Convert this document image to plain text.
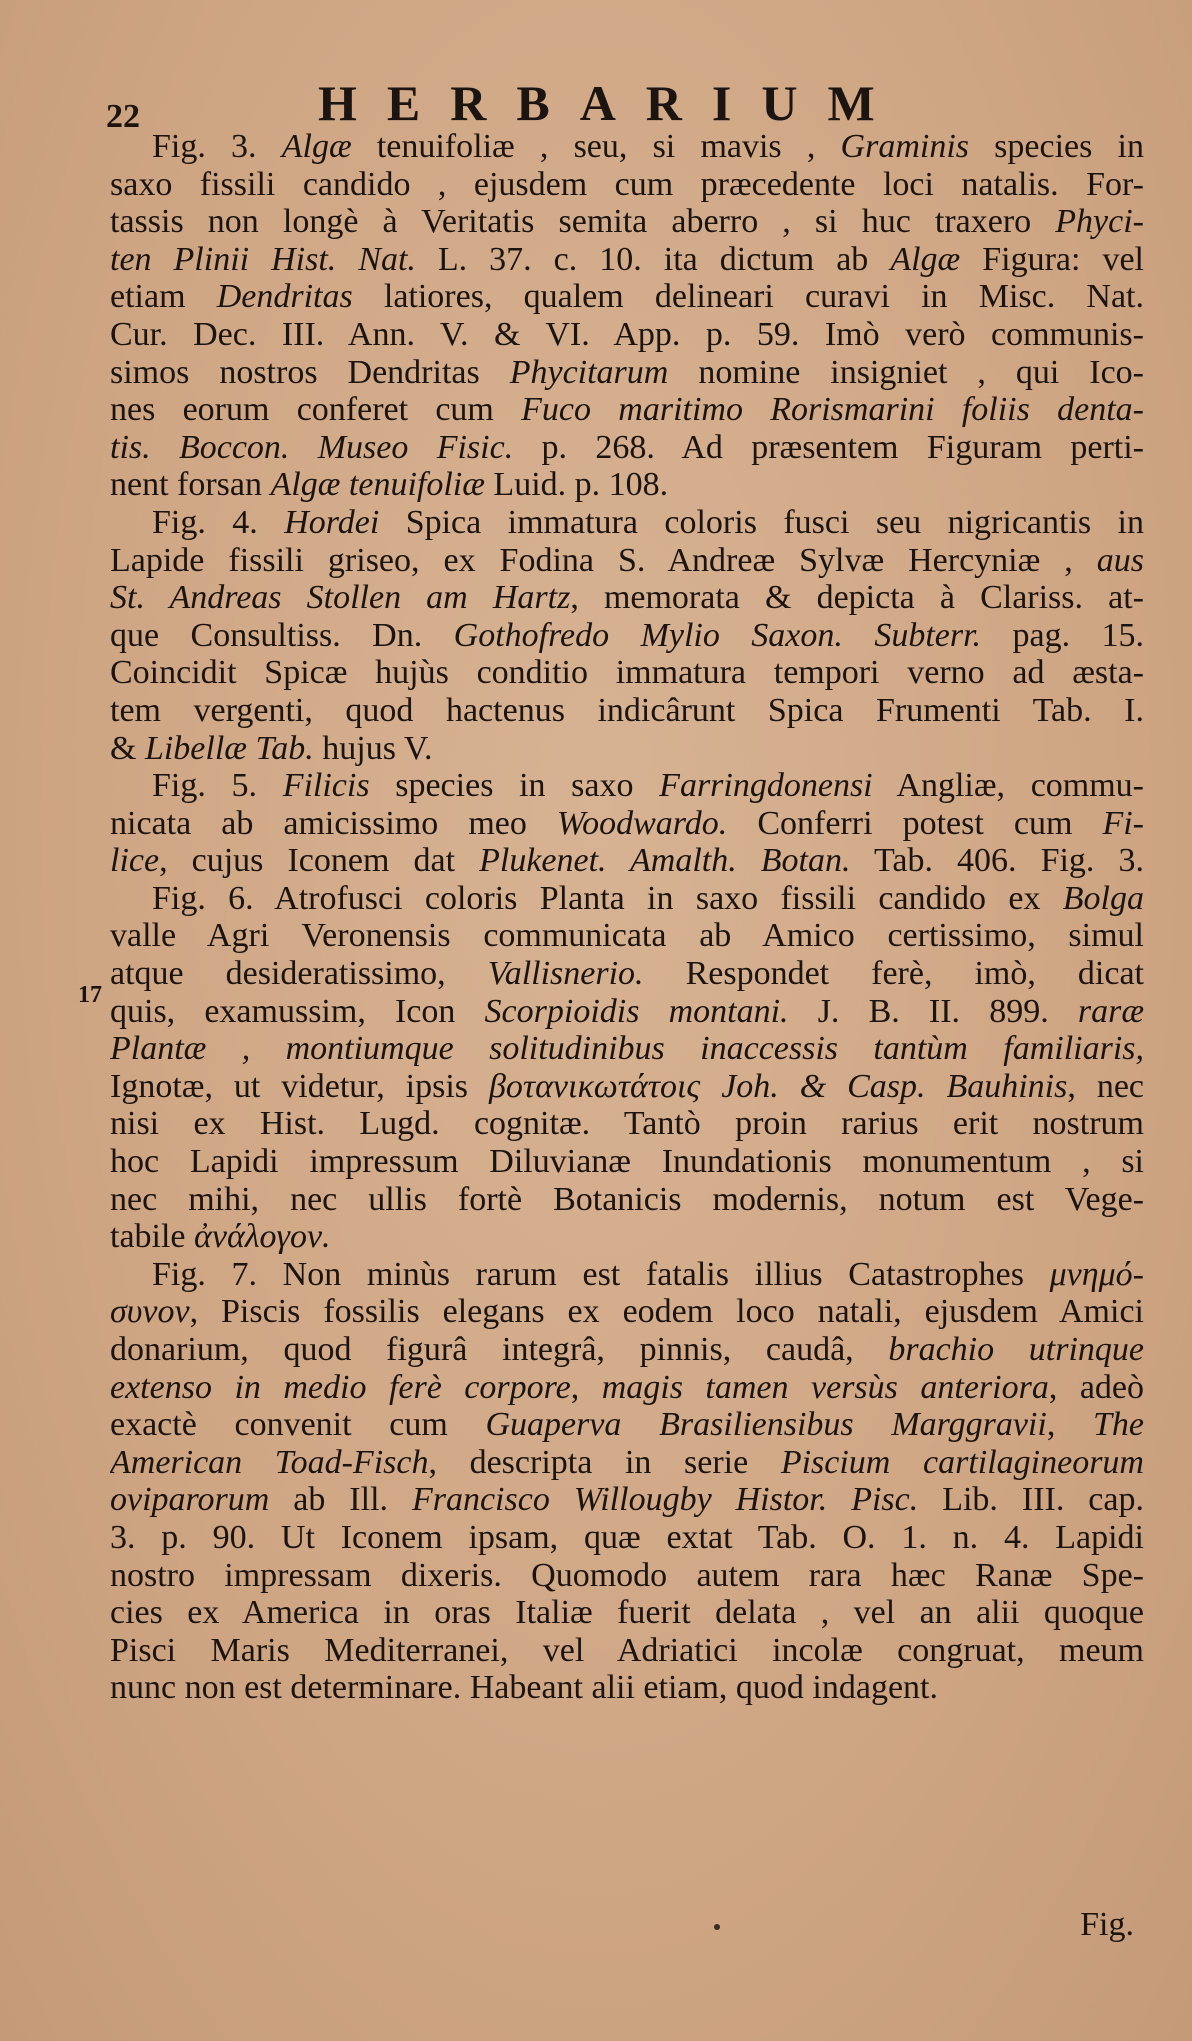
22	HERBARIUM
Fig. 3. Algæ tenuifoliæ , seu, si mavis , Graminis species in
saxo fissili candido , ejusdem cum præcedente loci natalis. For-
tassis non longè à Veritatis semita aberro , si huc traxero Phyci-
ten Plinii Hist. Nat. L. 37. c. 10. ita dictum ab Algæ Figura: vel
etiam Dendritas latiores, qualem delineari curavi in Misc. Nat.
Cur. Dec. III. Ann. V. & VI. App. p. 59. Imò verò communis-
simos nostros Dendritas Phycitarum nomine insigniet , qui Ico-
nes eorum conferet cum Fuco maritimo Rorismarini foliis denta-
tis. Boccon. Museo Fisic. p. 268. Ad præsentem Figuram perti-
nent forsan Algæ tenuifoliæ Luid. p. 108.
Fig. 4. Hordei Spica immatura coloris fusci seu nigricantis in
Lapide fissili griseo, ex Fodina S. Andreæ Sylvæ Hercyniæ , aus
St. Andreas Stollen am Hartz, memorata & depicta à Clariss. at-
que Consultiss. Dn. Gothofredo Mylio Saxon. Subterr. pag. 15.
Coincidit Spicæ hujùs conditio immatura tempori verno ad æsta-
tem vergenti, quod hactenus indicârunt Spica Frumenti Tab. I.
& Libellæ Tab. hujus V.
Fig. 5. Filicis species in saxo Farringdonensi Angliæ, commu-
nicata ab amicissimo meo Woodwardo. Conferri potest cum Fi-
lice, cujus Iconem dat Plukenet. Amalth. Botan. Tab. 406. Fig. 3.
Fig. 6. Atrofusci coloris Planta in saxo fissili candido ex Bolga
valle Agri Veronensis communicata ab Amico certissimo, simul
atque desideratissimo, Vallisnerio. Respondet ferè, imò, dicat
quis, examussim, Icon Scorpioidis montani. J. B. II. 899. raræ
Plantæ , montiumque solitudinibus inaccessis tantùm familiaris,
Ignotæ, ut videtur, ipsis βοτανικωτάτοις Joh. & Casp. Bauhinis, nec
nisi ex Hist. Lugd. cognitæ. Tantò proin rarius erit nostrum
hoc Lapidi impressum Diluvianæ Inundationis monumentum , si
nec mihi, nec ullis fortè Botanicis modernis, notum est Vege-
tabile ἀνάλογον.
Fig. 7. Non minùs rarum est fatalis illius Catastrophes μνημό-
συνον, Piscis fossilis elegans ex eodem loco natali, ejusdem Amici
donarium, quod figurâ integrâ, pinnis, caudâ, brachio utrinque
extenso in medio ferè corpore, magis tamen versùs anteriora, adeò
exactè convenit cum Guaperva Brasiliensibus Marggravii, The
American Toad-Fisch, descripta in serie Piscium cartilagineorum
oviparorum ab Ill. Francisco Willougby Histor. Pisc. Lib. III. cap.
3. p. 90. Ut Iconem ipsam, quæ extat Tab. O. 1. n. 4. Lapidi
nostro impressam dixeris. Quomodo autem rara hæc Ranæ Spe-
cies ex America in oras Italiæ fuerit delata , vel an alii quoque
Pisci Maris Mediterranei, vel Adriatici incolæ congruat, meum
nunc non est determinare. Habeant alii etiam, quod indagent.
17
Fig.
